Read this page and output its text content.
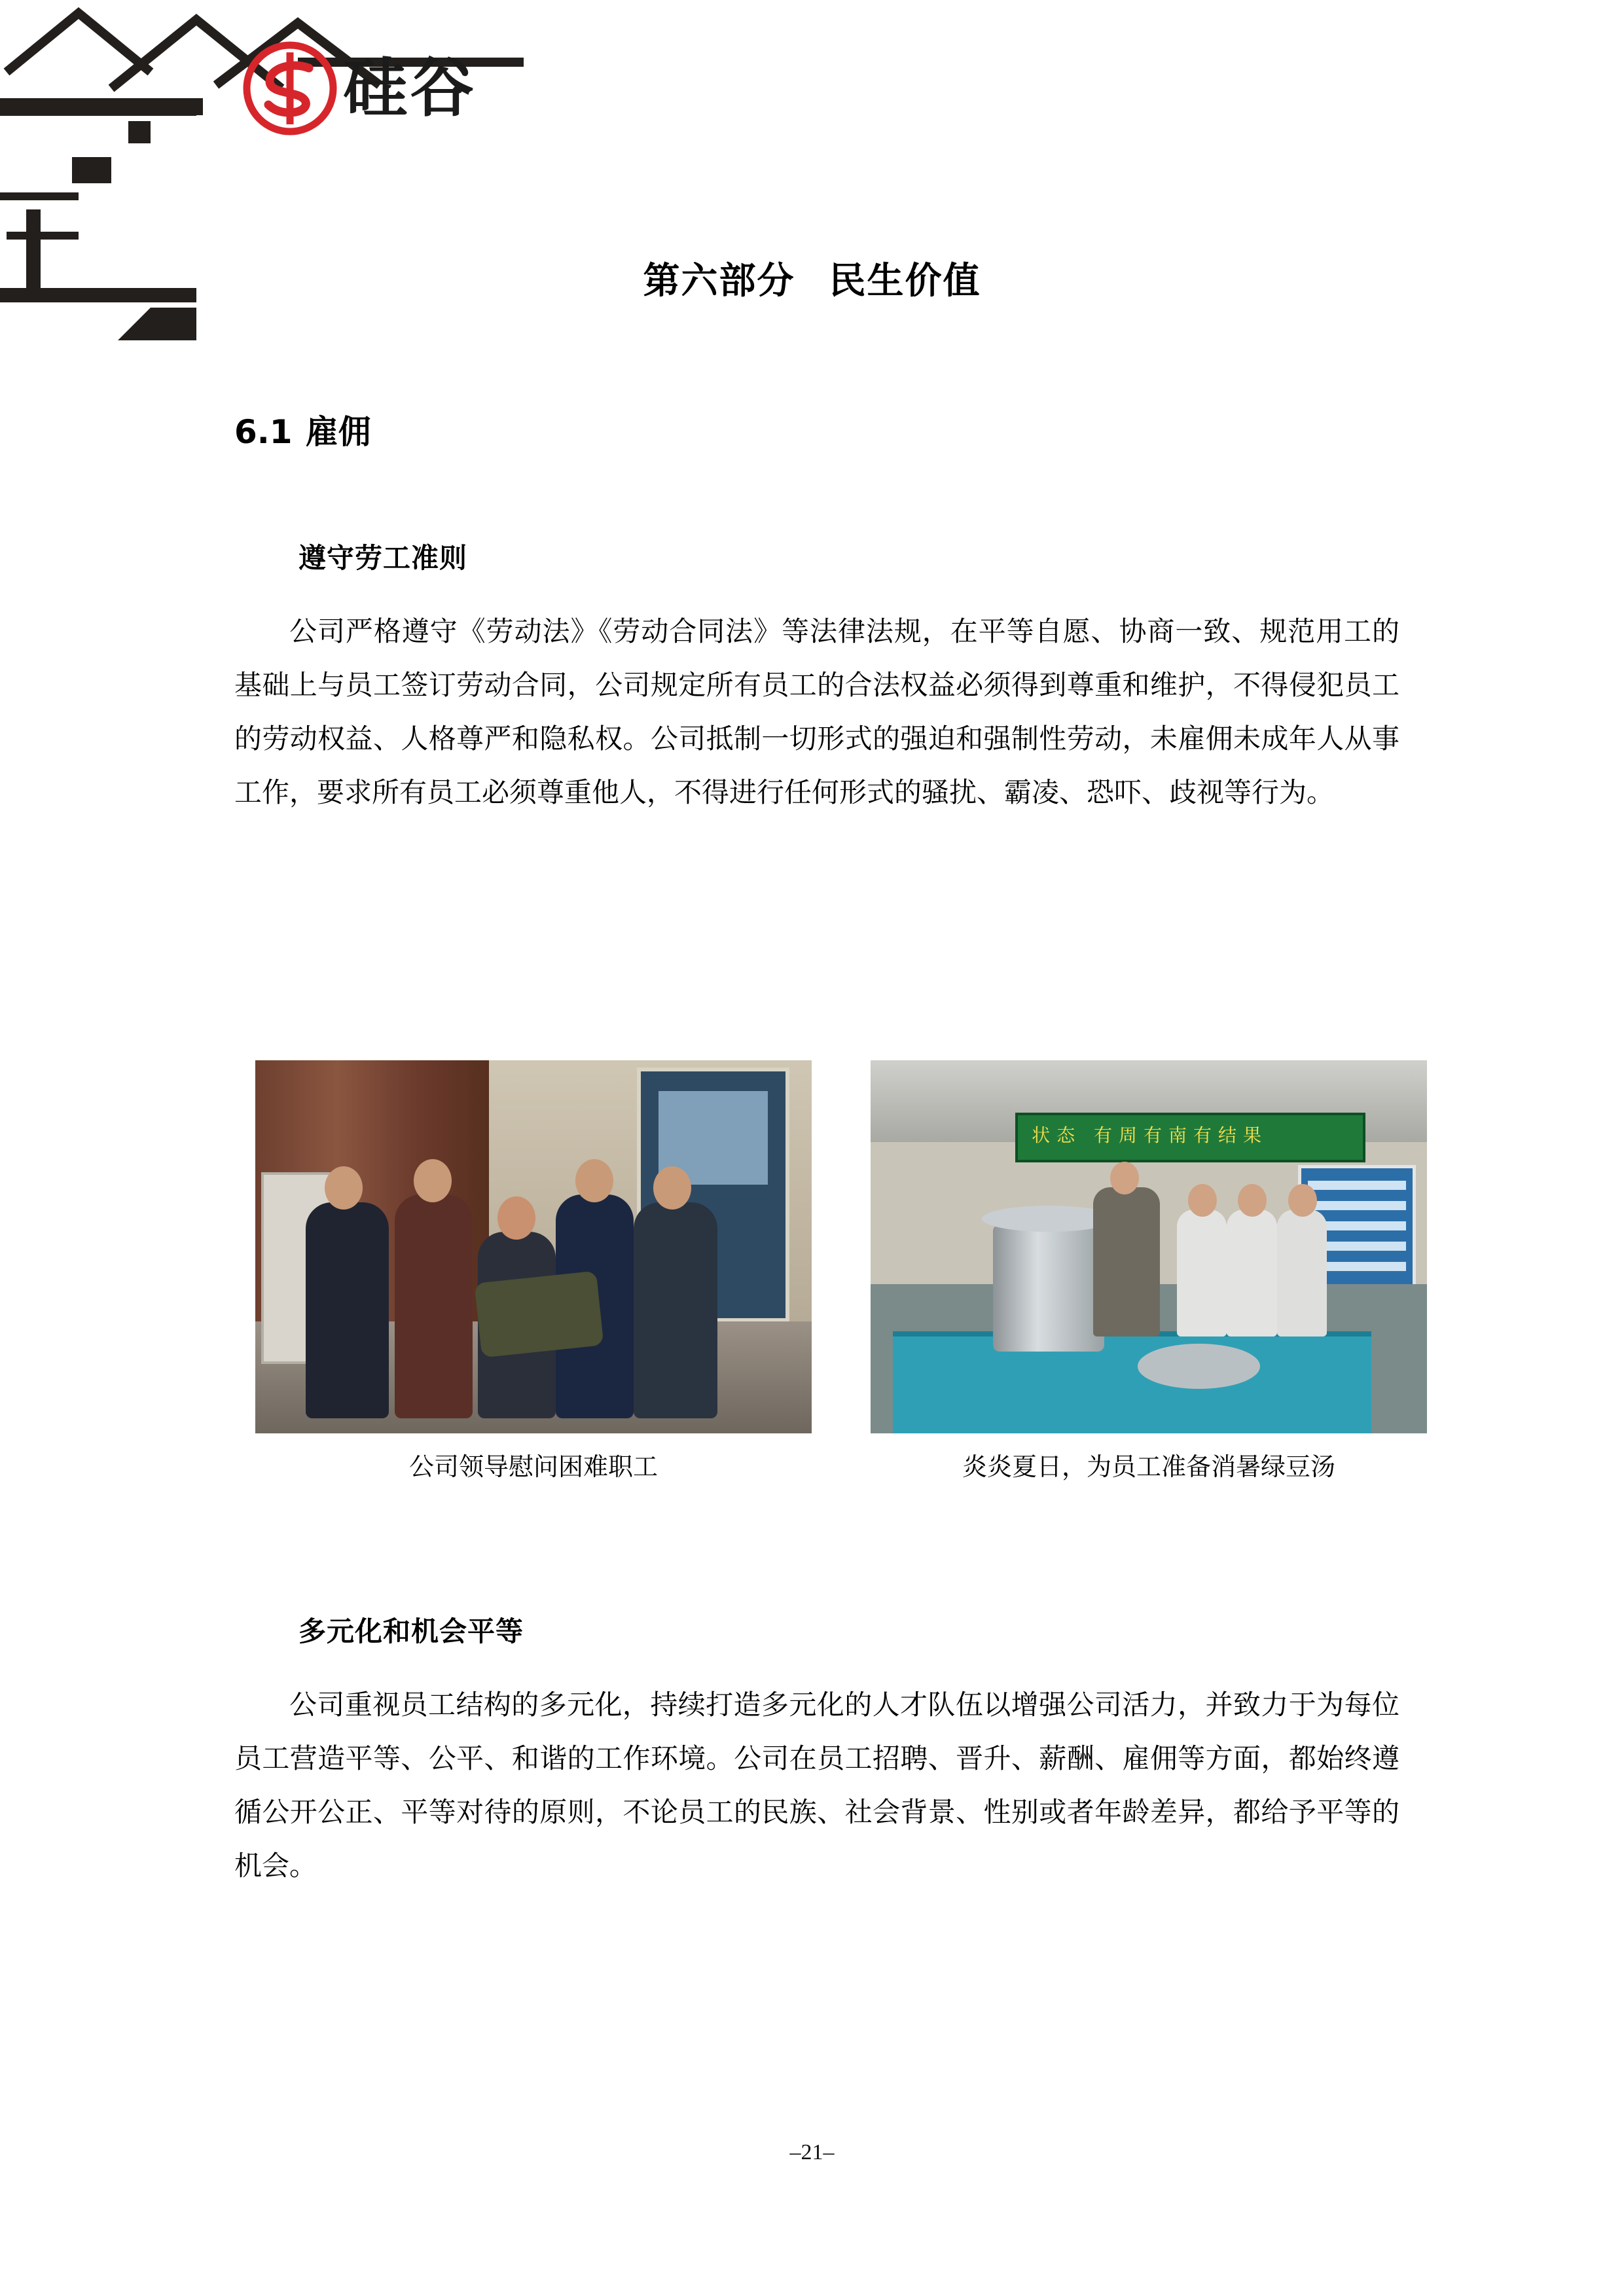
硅谷
第六部分 民生价值
6.1 雇佣
遵守劳工准则

公司严格遵守《劳动法》《劳动合同法》等法律法规，在平等自愿、协商一致、规范用工的基础上与员工签订劳动合同，公司规定所有员工的合法权益必须得到尊重和维护，不得侵犯员工的劳动权益、人格尊严和隐私权。公司抵制一切形式的强迫和强制性劳动，未雇佣未成年人从事工作，要求所有员工必须尊重他人，不得进行任何形式的骚扰、霸凌、恐吓、歧视等行为。

公司领导慰问困难职工
状态 有周有南有结果
炎炎夏日，为员工准备消暑绿豆汤
多元化和机会平等

公司重视员工结构的多元化，持续打造多元化的人才队伍以增强公司活力，并致力于为每位员工营造平等、公平、和谐的工作环境。公司在员工招聘、晋升、薪酬、雇佣等方面，都始终遵循公开公正、平等对待的原则，不论员工的民族、社会背景、性别或者年龄差异，都给予平等的机会。

–21–
